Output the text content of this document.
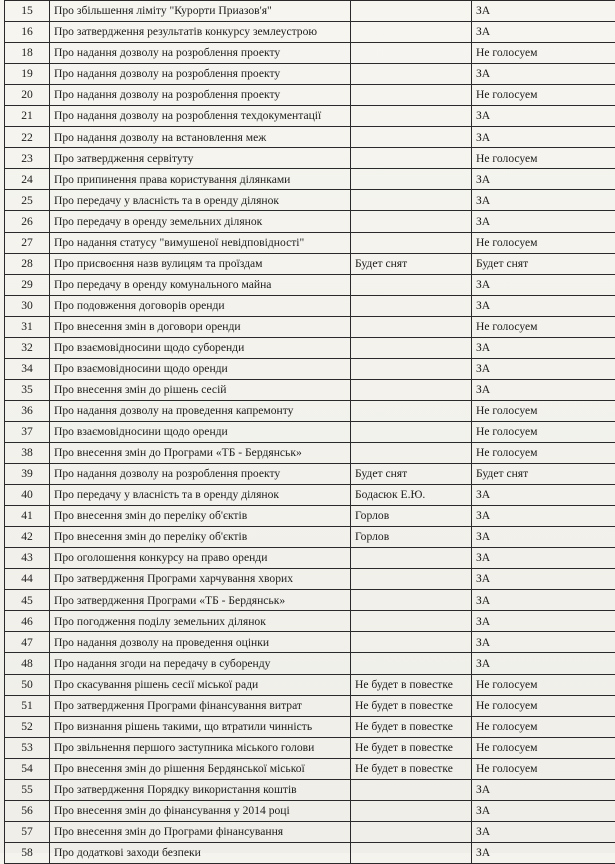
15	Про збільшення ліміту "Курорти Приазов'я"		ЗА
16	Про затвердження результатів конкурсу землеустрою		ЗА
18	Про надання дозволу на розроблення проекту		Не голосуем
19	Про надання дозволу на розроблення проекту		ЗА
20	Про надання дозволу на розроблення проекту		Не голосуем
21	Про надання дозволу на розроблення техдокументації		ЗА
22	Про надання дозволу на встановлення меж		ЗА
23	Про затвердження сервітуту		Не голосуем
24	Про припинення права користування ділянками		ЗА
25	Про передачу у власність та в оренду ділянок		ЗА
26	Про передачу в оренду земельних ділянок		ЗА
27	Про надання статусу "вимушеної невідповідності"		Не голосуем
28	Про присвоєння назв вулицям та проїздам	Будет снят	Будет снят
29	Про передачу в оренду комунального майна		ЗА
30	Про подовження договорів оренди		ЗА
31	Про внесення змін в договори оренди		Не голосуем
32	Про взаємовідносини щодо суборенди		ЗА
34	Про взаємовідносини щодо оренди		ЗА
35	Про внесення змін до рішень сесій		ЗА
36	Про надання дозволу на проведення капремонту		Не голосуем
37	Про взаємовідносини щодо оренди		Не голосуем
38	Про внесення змін до Програми «ТБ - Бердянськ»		Не голосуем
39	Про надання дозволу на розроблення проекту	Будет снят	Будет снят
40	Про передачу у власність та в оренду ділянок	Бодасюк Е.Ю.	ЗА
41	Про внесення змін до переліку об'єктів	Горлов	ЗА
42	Про внесення змін до переліку об'єктів	Горлов	ЗА
43	Про оголошення конкурсу на право оренди		ЗА
44	Про затвердження Програми харчування хворих		ЗА
45	Про затвердження Програми «ТБ - Бердянськ»		ЗА
46	Про погодження поділу земельних ділянок		ЗА
47	Про надання дозволу на проведення оцінки		ЗА
48	Про надання згоди на передачу в суборенду		ЗА
50	Про скасування рішень сесії міської ради	Не будет в повестке	Не голосуем
51	Про затвердження Програми фінансування витрат	Не будет в повестке	Не голосуем
52	Про визнання рішень такими, що втратили чинність	Не будет в повестке	Не голосуем
53	Про звільнення першого заступника міського голови	Не будет в повестке	Не голосуем
54	Про внесення змін до рішення Бердянської міської	Не будет в повестке	Не голосуем
55	Про затвердження Порядку використання коштів		ЗА
56	Про внесення змін до фінансування у 2014 році		ЗА
57	Про внесення змін до Програми фінансування		ЗА
58	Про додаткові заходи безпеки		ЗА
